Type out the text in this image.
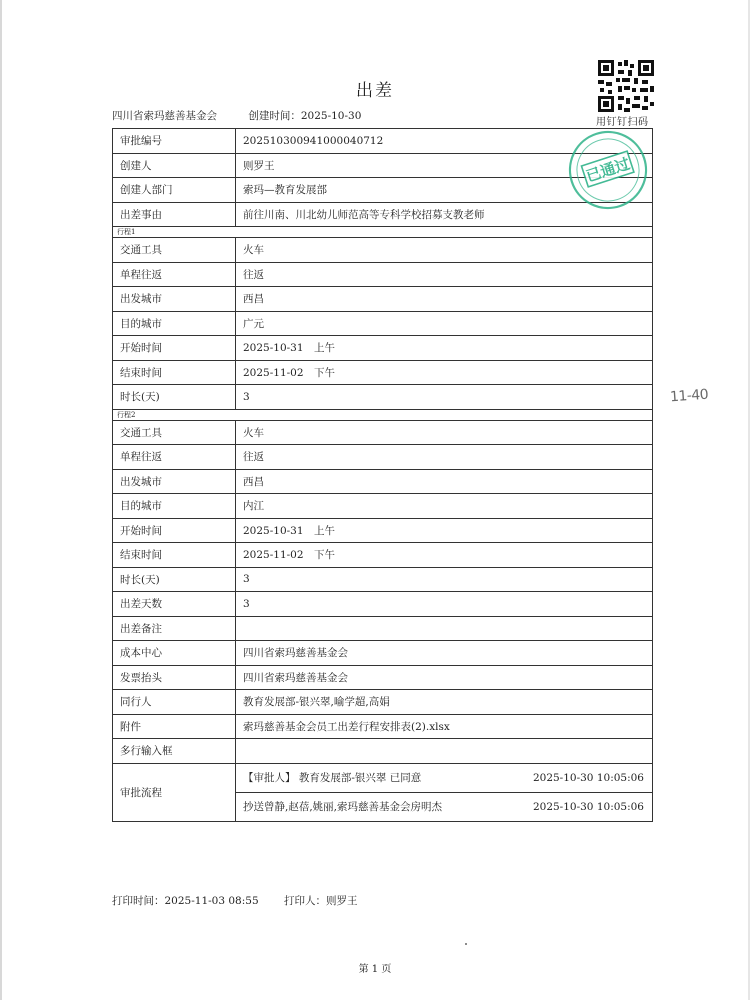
出差
四川省索玛慈善基金会	创建时间：2025-10-30
用钉钉扫码
审批编号	202510300941000040712
创建人	则罗王
创建人部门	索玛—教育发展部
出差事由	前往川南、川北幼儿师范高等专科学校招募支教老师
行程1
交通工具	火车
单程往返	往返
出发城市	西昌
目的城市	广元
开始时间	2025-10-31　上午
结束时间	2025-11-02　下午
时长(天)	3
行程2
交通工具	火车
单程往返	往返
出发城市	西昌
目的城市	内江
开始时间	2025-10-31　上午
结束时间	2025-11-02　下午
时长(天)	3
出差天数	3
出差备注
成本中心	四川省索玛慈善基金会
发票抬头	四川省索玛慈善基金会
同行人	教育发展部-银兴翠,喻学超,高娟
附件	索玛慈善基金会员工出差行程安排表(2).xlsx
多行输入框
审批流程
【审批人】 教育发展部-银兴翠 已同意	2025-10-30 10:05:06
抄送曾静,赵蓓,姚丽,索玛慈善基金会房明杰	2025-10-30 10:05:06
已通过
11-40
打印时间：2025-11-03 08:55 打印人：则罗王
第 1 页
